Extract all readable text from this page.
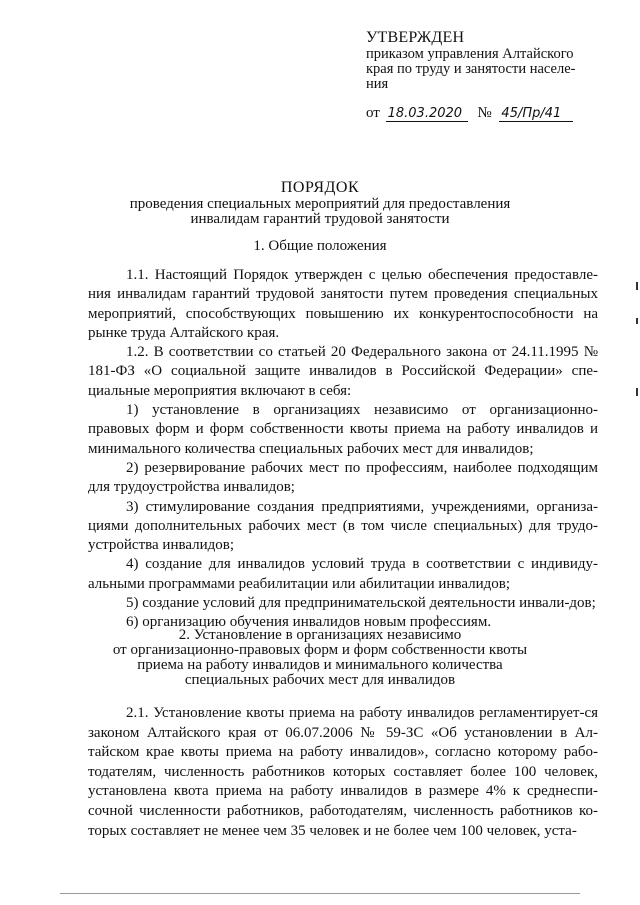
УТВЕРЖДЕН
приказом управления Алтайского
края по труду и занятости населе-
ния
от 18.03.2020 № 45/Пр/41
ПОРЯДОК
проведения специальных мероприятий для предоставления
инвалидам гарантий трудовой занятости
1. Общие положения

1.1. Настоящий Порядок утвержден с целью обеспечения предоставле-ния инвалидам гарантий трудовой занятости путем проведения специальных мероприятий, способствующих повышению их конкурентоспособности на рынке труда Алтайского края.

1.2. В соответствии со статьей 20 Федерального закона от 24.11.1995 № 181-ФЗ «О социальной защите инвалидов в Российской Федерации» спе-циальные мероприятия включают в себя:

1) установление в организациях независимо от организационно-правовых форм и форм собственности квоты приема на работу инвалидов и минимального количества специальных рабочих мест для инвалидов;

2) резервирование рабочих мест по профессиям, наиболее подходящим для трудоустройства инвалидов;

3) стимулирование создания предприятиями, учреждениями, организа-циями дополнительных рабочих мест (в том числе специальных) для трудо-устройства инвалидов;

4) создание для инвалидов условий труда в соответствии с индивиду-альными программами реабилитации или абилитации инвалидов;

5) создание условий для предпринимательской деятельности инвали-дов;

6) организацию обучения инвалидов новым профессиям.

2. Установление в организациях независимо
от организационно-правовых форм и форм собственности квоты
приема на работу инвалидов и минимального количества
специальных рабочих мест для инвалидов

2.1. Установление квоты приема на работу инвалидов регламентирует-ся законом Алтайского края от 06.07.2006 № 59-ЗС «Об установлении в Ал-тайском крае квоты приема на работу инвалидов», согласно которому рабо-тодателям, численность работников которых составляет более 100 человек, установлена квота приема на работу инвалидов в размере 4% к среднеспи-сочной численности работников, работодателям, численность работников ко-торых составляет не менее чем 35 человек и не более чем 100 человек, уста-
